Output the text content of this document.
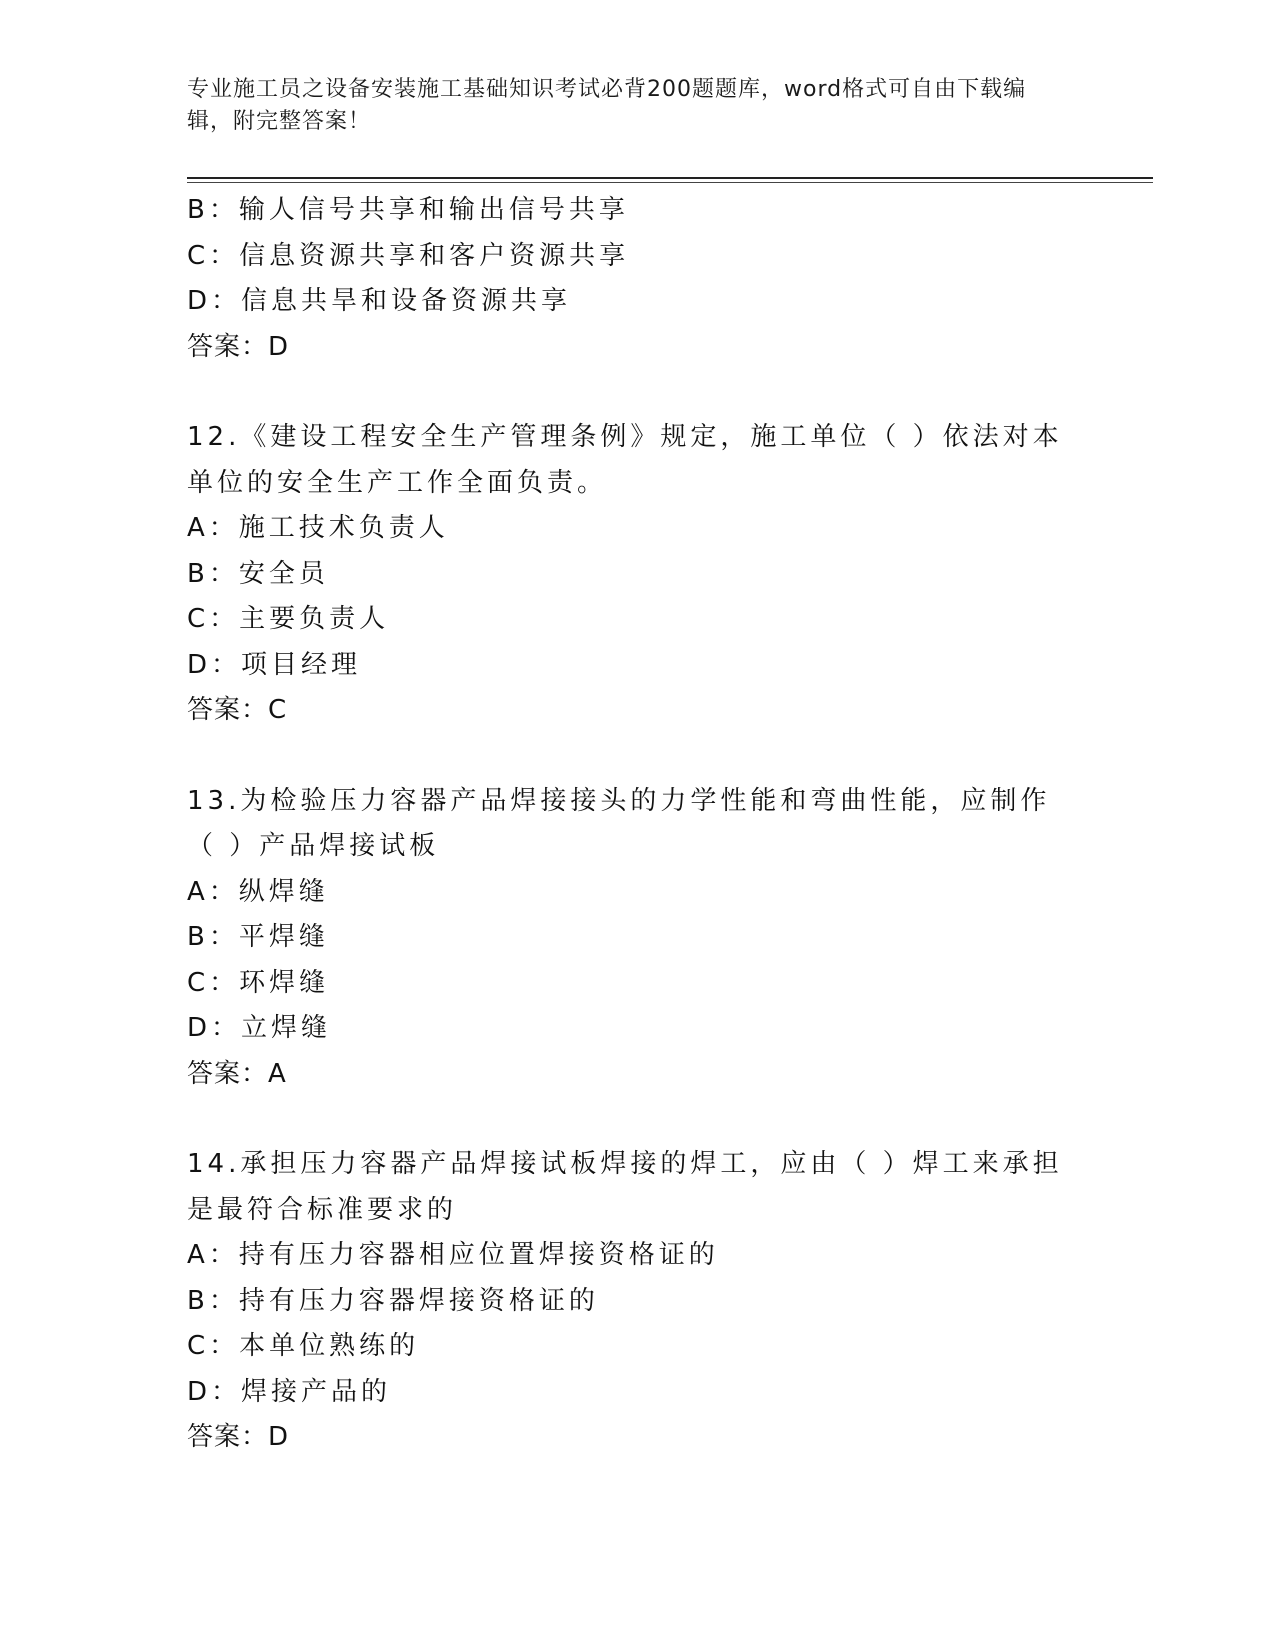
专业施工员之设备安装施工基础知识考试必背200题题库，word格式可自由下载编辑，附完整答案！
B：输人信号共享和输出信号共享
C：信息资源共享和客户资源共享
D：信息共旱和设备资源共享
答案：D
12.《建设工程安全生产管理条例》规定，施工单位（ ）依法对本单位的安全生产工作全面负责。
A：施工技术负责人
B：安全员
C：主要负责人
D：项目经理
答案：C
13.为检验压力容器产品焊接接头的力学性能和弯曲性能，应制作（ ）产品焊接试板
A：纵焊缝
B：平焊缝
C：环焊缝
D：立焊缝
答案：A
14.承担压力容器产品焊接试板焊接的焊工，应由（ ）焊工来承担是最符合标准要求的
A：持有压力容器相应位置焊接资格证的
B：持有压力容器焊接资格证的
C：本单位熟练的
D：焊接产品的
答案：D
